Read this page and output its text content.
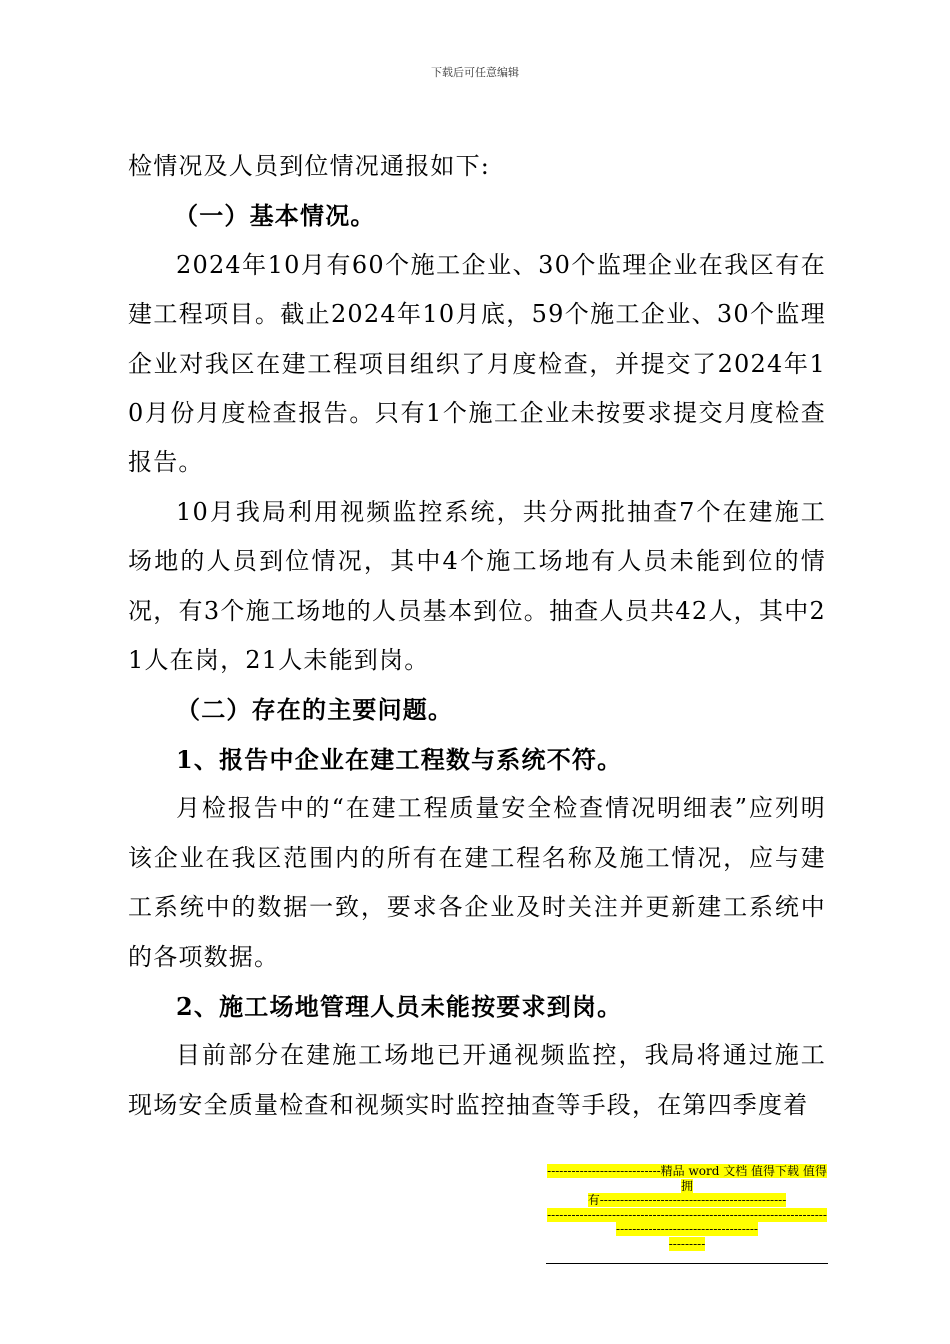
下载后可任意编辑

检情况及人员到位情况通报如下:

（一）基本情况。

2024年10月有60个施工企业、30个监理企业在我区有在建工程项目。截止2024年10月底，59个施工企业、30个监理企业对我区在建工程项目组织了月度检查，并提交了2024年10月份月度检查报告。只有1个施工企业未按要求提交月度检查报告。

10月我局利用视频监控系统，共分两批抽查7个在建施工场地的人员到位情况，其中4个施工场地有人员未能到位的情况，有3个施工场地的人员基本到位。抽查人员共42人，其中21人在岗，21人未能到岗。

（二）存在的主要问题。

1、报告中企业在建工程数与系统不符。

月检报告中的“在建工程质量安全检查情况明细表”应列明该企业在我区范围内的所有在建工程名称及施工情况，应与建工系统中的数据一致，要求各企业及时关注并更新建工系统中的各项数据。

2、施工场地管理人员未能按要求到岗。

目前部分在建施工场地已开通视频监控，我局将通过施工现场安全质量检查和视频实时监控抽查等手段，在第四季度着

----------------------------精品 word 文档 值得下载 值得拥
有----------------------------------------------
--------------------------------------------------------------------------------------------------------
---------
